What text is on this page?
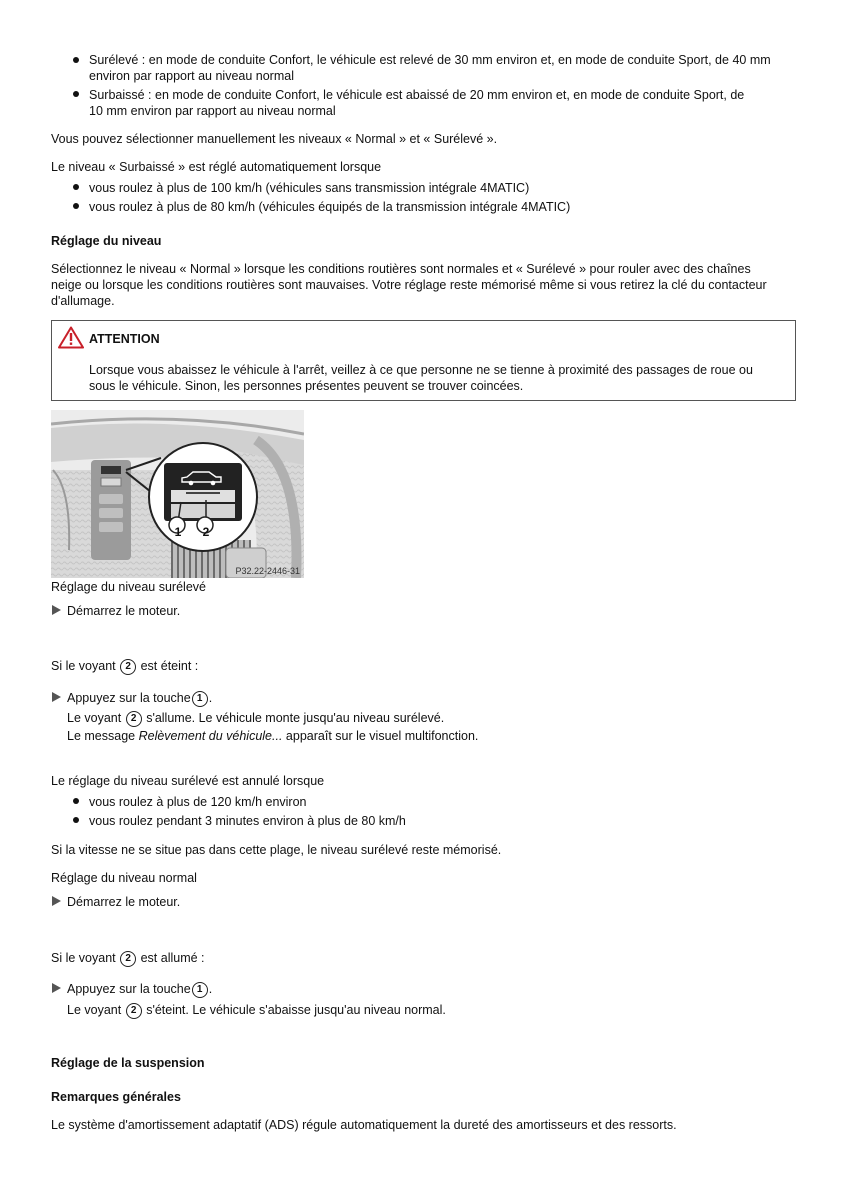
Surélevé : en mode de conduite Confort, le véhicule est relevé de 30 mm environ et, en mode de conduite Sport, de 40 mm
environ par rapport au niveau normal
Surbaissé : en mode de conduite Confort, le véhicule est abaissé de 20 mm environ et, en mode de conduite Sport, de
10 mm environ par rapport au niveau normal
Vous pouvez sélectionner manuellement les niveaux « Normal » et « Surélevé ».
Le niveau « Surbaissé » est réglé automatiquement lorsque
vous roulez à plus de 100 km/h (véhicules sans transmission intégrale 4MATIC)
vous roulez à plus de 80 km/h (véhicules équipés de la transmission intégrale 4MATIC)
Réglage du niveau
Sélectionnez le niveau « Normal » lorsque les conditions routières sont normales et « Surélevé » pour rouler avec des chaînes
neige ou lorsque les conditions routières sont mauvaises. Votre réglage reste mémorisé même si vous retirez la clé du contacteur
d'allumage.
ATTENTION
Lorsque vous abaissez le véhicule à l'arrêt, veillez à ce que personne ne se tienne à proximité des passages de roue ou
sous le véhicule. Sinon, les personnes présentes peuvent se trouver coincées.
1 2
P32.22-2446-31
Réglage du niveau surélevé
Démarrez le moteur.
Si le voyant 2 est éteint :
Appuyez sur la touche 1 .
Le voyant 2 s'allume. Le véhicule monte jusqu'au niveau surélevé.
Le message Relèvement du véhicule... apparaît sur le visuel multifonction.
Le réglage du niveau surélevé est annulé lorsque
vous roulez à plus de 120 km/h environ
vous roulez pendant 3 minutes environ à plus de 80 km/h
Si la vitesse ne se situe pas dans cette plage, le niveau surélevé reste mémorisé.
Réglage du niveau normal
Démarrez le moteur.
Si le voyant 2 est allumé :
Appuyez sur la touche 1 .
Le voyant 2 s'éteint. Le véhicule s'abaisse jusqu'au niveau normal.
Réglage de la suspension
Remarques générales
Le système d'amortissement adaptatif (ADS) régule automatiquement la dureté des amortisseurs et des ressorts.
